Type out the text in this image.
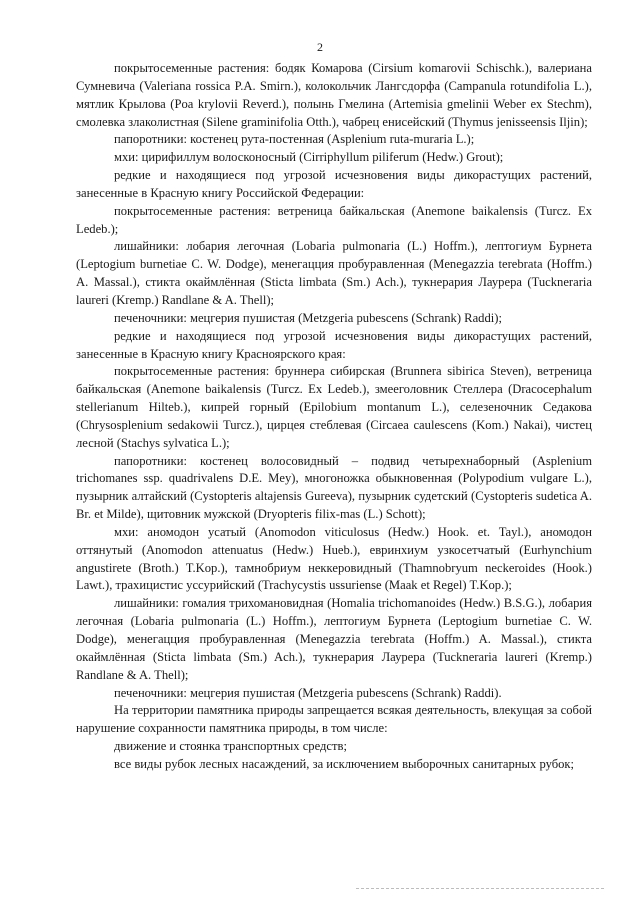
2

покрытосеменные растения: бодяк Комарова (Cirsium komarovii Schischk.), валериана Сумневича (Valeriana rossica P.A. Smirn.), колокольчик Лангсдорфа (Campanula rotundifolia L.), мятлик Крылова (Poa krylovii Reverd.), полынь Гмелина (Artemisia gmelinii Weber ex Stechm), смолевка злаколистная (Silene graminifolia Otth.), чабрец енисейский (Thymus jenisseensis Iljin);

папоротники: костенец рута-постенная (Asplenium ruta-muraria L.);

мхи: цирифиллум волосконосный (Cirriphyllum piliferum (Hedw.) Grout);

редкие и находящиеся под угрозой исчезновения виды дикорастущих растений, занесенные в Красную книгу Российской Федерации:

покрытосеменные растения: ветреница байкальская (Anemone baikalensis (Turcz. Ex Ledeb.);

лишайники: лобария легочная (Lobaria pulmonaria (L.) Hoffm.), лептогиум Бурнета (Leptogium burnetiae C. W. Dodge), менегацция пробуравленная (Menegazzia terebrata (Hoffm.) A. Massal.), стикта окаймлённая (Sticta limbata (Sm.) Ach.), тукнерария Лаурера (Tuckneraria laureri (Kremp.) Randlane & A. Thell);

печеночники: мецгерия пушистая (Metzgeria pubescens (Schrank) Raddi);

редкие и находящиеся под угрозой исчезновения виды дикорастущих растений, занесенные в Красную книгу Красноярского края:

покрытосеменные растения: бруннера сибирская (Brunnera sibirica Steven), ветреница байкальская (Anemone baikalensis (Turcz. Ex Ledeb.), змееголовник Стеллера (Dracocephalum stellerianum Hilteb.), кипрей горный (Epilobium montanum L.), селезеночник Седакова (Chrysosplenium sedakowii Turcz.), цирцея стеблевая (Circaea caulescens (Kom.) Nakai), чистец лесной (Stachys sylvatica L.);

папоротники: костенец волосовидный – подвид четырехнаборный (Asplenium trichomanes ssp. quadrivalens D.E. Mey), многоножка обыкновенная (Polypodium vulgare L.), пузырник алтайский (Cystopteris altajensis Gureeva), пузырник судетский (Cystopteris sudetica A. Br. et Milde), щитовник мужской (Dryopteris filix-mas (L.) Schott);

мхи: аномодон усатый (Anomodon viticulosus (Hedw.) Hook. et. Tayl.), аномодон оттянутый (Anomodon attenuatus (Hedw.) Hueb.), евринхиум узкосетчатый (Eurhynchium angustirete (Broth.) T.Kop.), тамнобриум неккеровидный (Thamnobryum neckeroides (Hook.) Lawt.), трахицистис уссурийский (Trachycystis ussuriense (Maak et Regel) T.Kop.);

лишайники: гомалия трихомановидная (Homalia trichomanoides (Hedw.) B.S.G.), лобария легочная (Lobaria pulmonaria (L.) Hoffm.), лептогиум Бурнета (Leptogium burnetiae C. W. Dodge), менегацция пробуравленная (Menegazzia terebrata (Hoffm.) A. Massal.), стикта окаймлённая (Sticta limbata (Sm.) Ach.), тукнерария Лаурера (Tuckneraria laureri (Kremp.) Randlane & A. Thell);

печеночники: мецгерия пушистая (Metzgeria pubescens (Schrank) Raddi).

На территории памятника природы запрещается всякая деятельность, влекущая за собой нарушение сохранности памятника природы, в том числе:

движение и стоянка транспортных средств;

все виды рубок лесных насаждений, за исключением выборочных санитарных рубок;
